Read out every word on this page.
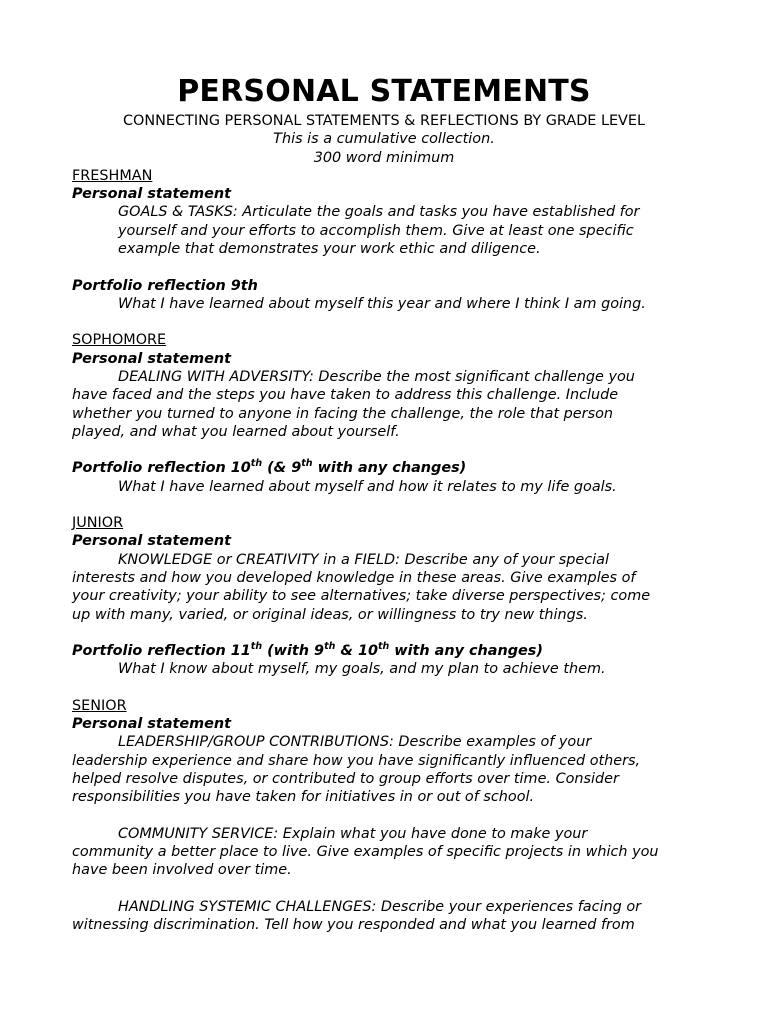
PERSONAL STATEMENTS
CONNECTING PERSONAL STATEMENTS & REFLECTIONS BY GRADE LEVEL
This is a cumulative collection.
300 word minimum
FRESHMAN
Personal statement
GOALS & TASKS: Articulate the goals and tasks you have established for
yourself and your efforts to accomplish them. Give at least one specific
example that demonstrates your work ethic and diligence.
Portfolio reflection 9th
What I have learned about myself this year and where I think I am going.
SOPHOMORE
Personal statement
DEALING WITH ADVERSITY: Describe the most significant challenge you
have faced and the steps you have taken to address this challenge. Include
whether you turned to anyone in facing the challenge, the role that person
played, and what you learned about yourself.
Portfolio reflection 10th (& 9th with any changes)
What I have learned about myself and how it relates to my life goals.
JUNIOR
Personal statement
KNOWLEDGE or CREATIVITY in a FIELD: Describe any of your special
interests and how you developed knowledge in these areas. Give examples of
your creativity; your ability to see alternatives; take diverse perspectives; come
up with many, varied, or original ideas, or willingness to try new things.
Portfolio reflection 11th (with 9th & 10th with any changes)
What I know about myself, my goals, and my plan to achieve them.
SENIOR
Personal statement
LEADERSHIP/GROUP CONTRIBUTIONS: Describe examples of your
leadership experience and share how you have significantly influenced others,
helped resolve disputes, or contributed to group efforts over time. Consider
responsibilities you have taken for initiatives in or out of school.
COMMUNITY SERVICE: Explain what you have done to make your
community a better place to live. Give examples of specific projects in which you
have been involved over time.
HANDLING SYSTEMIC CHALLENGES: Describe your experiences facing or
witnessing discrimination. Tell how you responded and what you learned from
